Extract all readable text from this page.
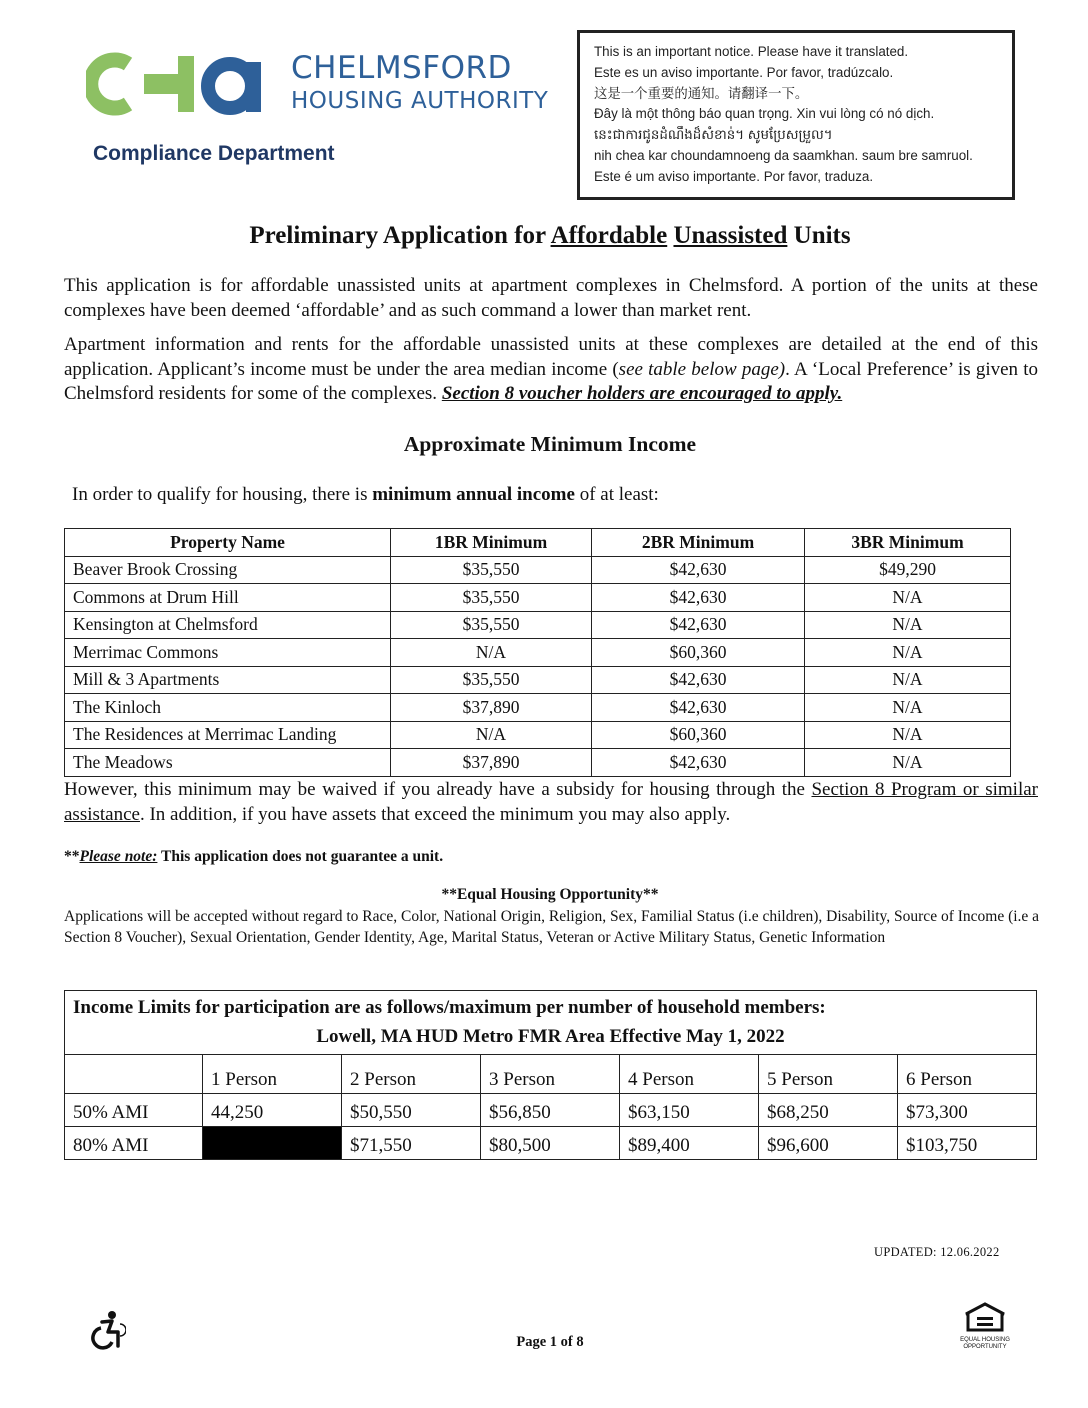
CHELMSFORD
HOUSING AUTHORITY
Compliance Department
This is an important notice. Please have it translated.
Este es un aviso importante. Por favor, tradúzcalo.
这是一个重要的通知。请翻译一下。
Đây là một thông báo quan trọng. Xin vui lòng có nó dịch.
នេះជាការជូនដំណឹងដ៏សំខាន់។ សូមប្រែសម្រួល។
nih chea kar choundamnoeng da saamkhan. saum bre samruol.
Este é um aviso importante. Por favor, traduza.
Preliminary Application for Affordable Unassisted Units
This application is for affordable unassisted units at apartment complexes in Chelmsford. A portion of the units at these complexes have been deemed ‘affordable’ and as such command a lower than market rent.
Apartment information and rents for the affordable unassisted units at these complexes are detailed at the end of this application. Applicant’s income must be under the area median income (see table below page). A ‘Local Preference’ is given to Chelmsford residents for some of the complexes. Section 8 voucher holders are encouraged to apply.
Approximate Minimum Income
In order to qualify for housing, there is minimum annual income of at least:
Property Name	1BR Minimum	2BR Minimum	3BR Minimum
Beaver Brook Crossing	$35,550	$42,630	$49,290
Commons at Drum Hill	$35,550	$42,630	N/A
Kensington at Chelmsford	$35,550	$42,630	N/A
Merrimac Commons	N/A	$60,360	N/A
Mill & 3 Apartments	$35,550	$42,630	N/A
The Kinloch	$37,890	$42,630	N/A
The Residences at Merrimac Landing	N/A	$60,360	N/A
The Meadows	$37,890	$42,630	N/A
However, this minimum may be waived if you already have a subsidy for housing through the Section 8 Program or similar assistance. In addition, if you have assets that exceed the minimum you may also apply.
**Please note: This application does not guarantee a unit.
**Equal Housing Opportunity**
Applications will be accepted without regard to Race, Color, National Origin, Religion, Sex, Familial Status (i.e children), Disability, Source of Income (i.e a Section 8 Voucher), Sexual Orientation, Gender Identity, Age, Marital Status, Veteran or Active Military Status, Genetic Information
Income Limits for participation are as follows/maximum per number of household members:
Lowell, MA HUD Metro FMR Area Effective May 1, 2022						
	1 Person	2 Person	3 Person	4 Person	5 Person	6 Person
50% AMI	44,250	$50,550	$56,850	$63,150	$68,250	$73,300
80% AMI		$71,550	$80,500	$89,400	$96,600	$103,750
UPDATED: 12.06.2022
Page 1 of 8	EQUAL HOUSING OPPORTUNITY
